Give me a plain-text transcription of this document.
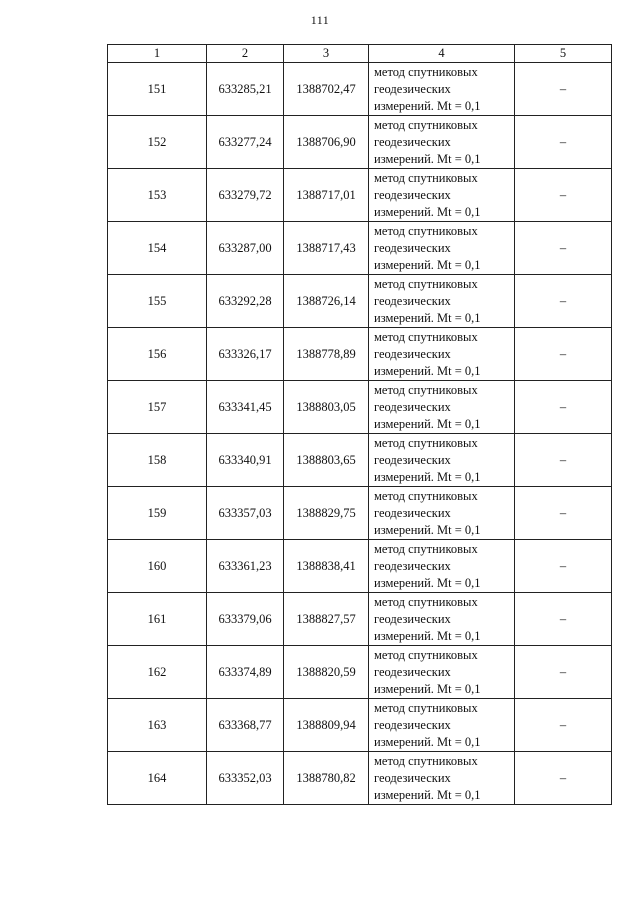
111
1	2	3	4	5
151	633285,21	1388702,47	метод спутниковых
геодезических
измерений. Mt = 0,1	–
152	633277,24	1388706,90	метод спутниковых
геодезических
измерений. Mt = 0,1	–
153	633279,72	1388717,01	метод спутниковых
геодезических
измерений. Mt = 0,1	–
154	633287,00	1388717,43	метод спутниковых
геодезических
измерений. Mt = 0,1	–
155	633292,28	1388726,14	метод спутниковых
геодезических
измерений. Mt = 0,1	–
156	633326,17	1388778,89	метод спутниковых
геодезических
измерений. Mt = 0,1	–
157	633341,45	1388803,05	метод спутниковых
геодезических
измерений. Mt = 0,1	–
158	633340,91	1388803,65	метод спутниковых
геодезических
измерений. Mt = 0,1	–
159	633357,03	1388829,75	метод спутниковых
геодезических
измерений. Mt = 0,1	–
160	633361,23	1388838,41	метод спутниковых
геодезических
измерений. Mt = 0,1	–
161	633379,06	1388827,57	метод спутниковых
геодезических
измерений. Mt = 0,1	–
162	633374,89	1388820,59	метод спутниковых
геодезических
измерений. Mt = 0,1	–
163	633368,77	1388809,94	метод спутниковых
геодезических
измерений. Mt = 0,1	–
164	633352,03	1388780,82	метод спутниковых
геодезических
измерений. Mt = 0,1	–
